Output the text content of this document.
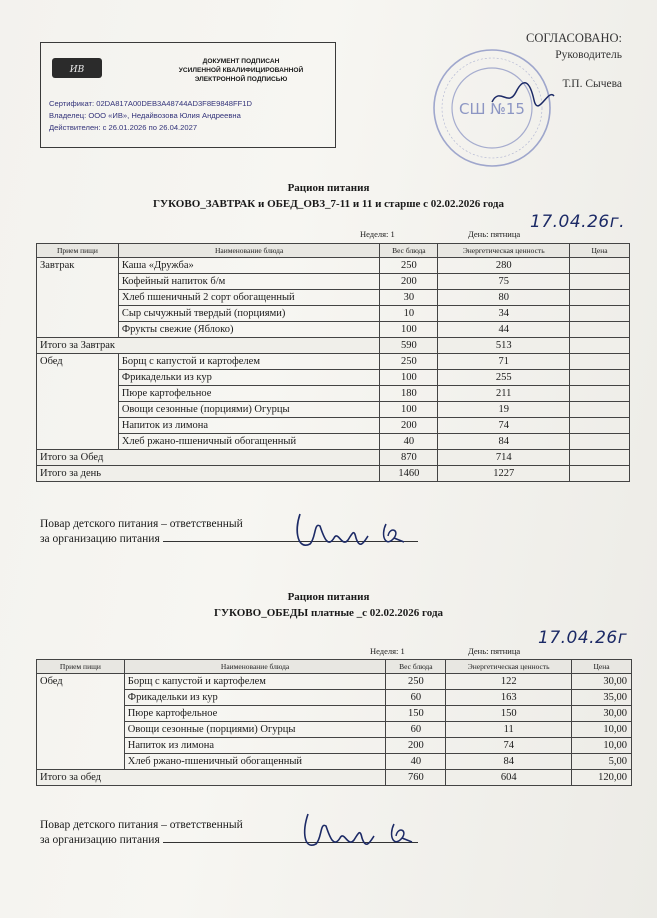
ИВ
ДОКУМЕНТ ПОДПИСАН
УСИЛЕННОЙ КВАЛИФИЦИРОВАННОЙ
ЭЛЕКТРОННОЙ ПОДПИСЬЮ
Сертификат: 02DA817A00DEB3A48744AD3F8E9848FF1D
Владелец: ООО «ИВ», Недайвозова Юлия Андреевна
Действителен: с 26.01.2026 по 26.04.2027
СШ №15
СОГЛАСОВАНО:
Руководитель
Т.П. Сычева
Рацион питания
ГУКОВО_ЗАВТРАК и ОБЕД_ОВЗ_7-11 и 11 и старше с 02.02.2026 года
Неделя: 1	День: пятница
17.04.26г.
Прием пищи	Наименование блюда	Вес блюда	Энергетическая ценность	Цена
Завтрак	Каша «Дружба»	250	280	
	Кофейный напиток б/м	200	75	
	Хлеб пшеничный 2 сорт обогащенный	30	80	
	Сыр сычужный твердый (порциями)	10	34	
	Фрукты свежие (Яблоко)	100	44	
Итого за Завтрак		590	513	
Обед	Борщ с капустой и картофелем	250	71	
	Фрикадельки из кур	100	255	
	Пюре картофельное	180	211	
	Овощи сезонные (порциями) Огурцы	100	19	
	Напиток из лимона	200	74	
	Хлеб ржано-пшеничный обогащенный	40	84	
Итого за Обед		870	714	
Итого за день		1460	1227	
Повар детского питания – ответственный
за организацию питания
Рацион питания
ГУКОВО_ОБЕДЫ платные _с 02.02.2026 года
Неделя: 1	День: пятница
17.04.26г
Прием пищи	Наименование блюда	Вес блюда	Энергетическая ценность	Цена
Обед	Борщ с капустой и картофелем	250	122	30,00
	Фрикадельки из кур	60	163	35,00
	Пюре картофельное	150	150	30,00
	Овощи сезонные (порциями) Огурцы	60	11	10,00
	Напиток из лимона	200	74	10,00
	Хлеб ржано-пшеничный обогащенный	40	84	5,00
Итого за обед		760	604	120,00
Повар детского питания – ответственный
за организацию питания
